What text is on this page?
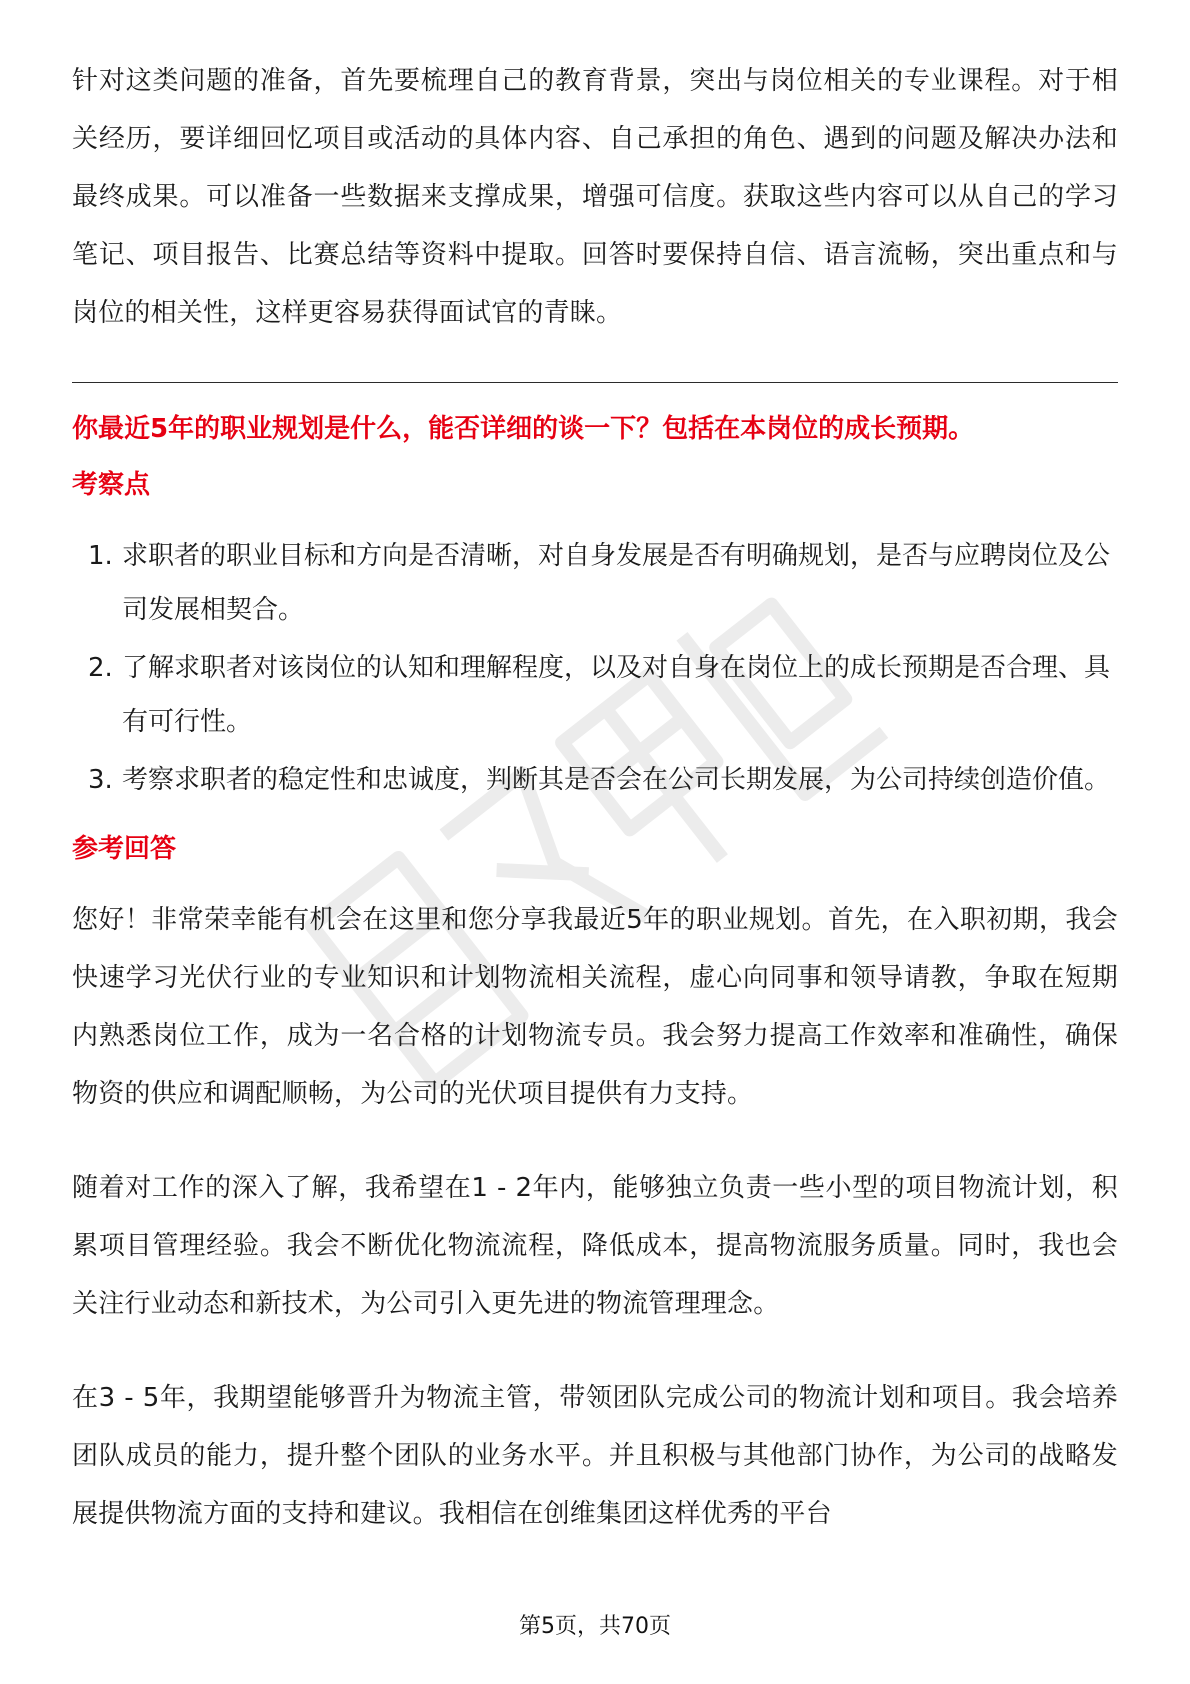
针对这类问题的准备，首先要梳理自己的教育背景，突出与岗位相关的专业课程。对于相关经历，要详细回忆项目或活动的具体内容、自己承担的角色、遇到的问题及解决办法和最终成果。可以准备一些数据来支撑成果，增强可信度。获取这些内容可以从自己的学习笔记、项目报告、比赛总结等资料中提取。回答时要保持自信、语言流畅，突出重点和与岗位的相关性，这样更容易获得面试官的青睐。

你最近5年的职业规划是什么，能否详细的谈一下？包括在本岗位的成长预期。

考察点

1. 求职者的职业目标和方向是否清晰，对自身发展是否有明确规划，是否与应聘岗位及公司发展相契合。
2. 了解求职者对该岗位的认知和理解程度，以及对自身在岗位上的成长预期是否合理、具有可行性。
3. 考察求职者的稳定性和忠诚度，判断其是否会在公司长期发展，为公司持续创造价值。

参考回答

您好！非常荣幸能有机会在这里和您分享我最近5年的职业规划。首先，在入职初期，我会快速学习光伏行业的专业知识和计划物流相关流程，虚心向同事和领导请教，争取在短期内熟悉岗位工作，成为一名合格的计划物流专员。我会努力提高工作效率和准确性，确保物资的供应和调配顺畅，为公司的光伏项目提供有力支持。

随着对工作的深入了解，我希望在1 - 2年内，能够独立负责一些小型的项目物流计划，积累项目管理经验。我会不断优化物流流程，降低成本，提高物流服务质量。同时，我也会关注行业动态和新技术，为公司引入更先进的物流管理理念。

在3 - 5年，我期望能够晋升为物流主管，带领团队完成公司的物流计划和项目。我会培养团队成员的能力，提升整个团队的业务水平。并且积极与其他部门协作，为公司的战略发展提供物流方面的支持和建议。我相信在创维集团这样优秀的平台

第5页，共70页
